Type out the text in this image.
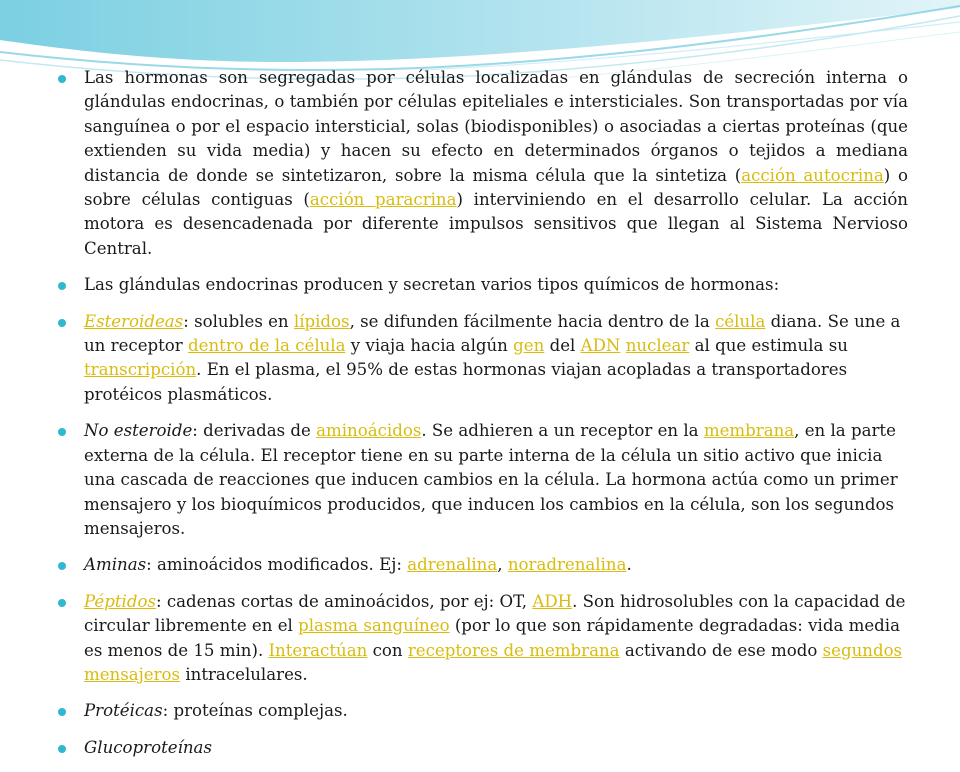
Las hormonas son segregadas por células localizadas en glándulas de secreción interna o glándulas endocrinas, o también por células epiteliales e intersticiales. Son transportadas por vía sanguínea o por el espacio intersticial, solas (biodisponibles) o asociadas a ciertas proteínas (que extienden su vida media) y hacen su efecto en determinados órganos o tejidos a mediana distancia de donde se sintetizaron, sobre la misma célula que la sintetiza (acción autocrina) o sobre células contiguas (acción paracrina) interviniendo en el desarrollo celular. La acción motora es desencadenada por diferente impulsos sensitivos que llegan al Sistema Nervioso Central.
Las glándulas endocrinas producen y secretan varios tipos químicos de hormonas:
Esteroideas: solubles en lípidos, se difunden fácilmente hacia dentro de la célula diana. Se une a un receptor dentro de la célula y viaja hacia algún gen del ADN nuclear al que estimula su transcripción. En el plasma, el 95% de estas hormonas viajan acopladas a transportadores protéicos plasmáticos.
No esteroide: derivadas de aminoácidos. Se adhieren a un receptor en la membrana, en la parte externa de la célula. El receptor tiene en su parte interna de la célula un sitio activo que inicia una cascada de reacciones que inducen cambios en la célula. La hormona actúa como un primer mensajero y los bioquímicos producidos, que inducen los cambios en la célula, son los segundos mensajeros.
Aminas: aminoácidos modificados. Ej: adrenalina, noradrenalina.
Péptidos: cadenas cortas de aminoácidos, por ej: OT, ADH. Son hidrosolubles con la capacidad de circular libremente en el plasma sanguíneo (por lo que son rápidamente degradadas: vida media es menos de 15 min). Interactúan con receptores de membrana activando de ese modo segundos mensajeros intracelulares.
Protéicas: proteínas complejas.
Glucoproteínas
